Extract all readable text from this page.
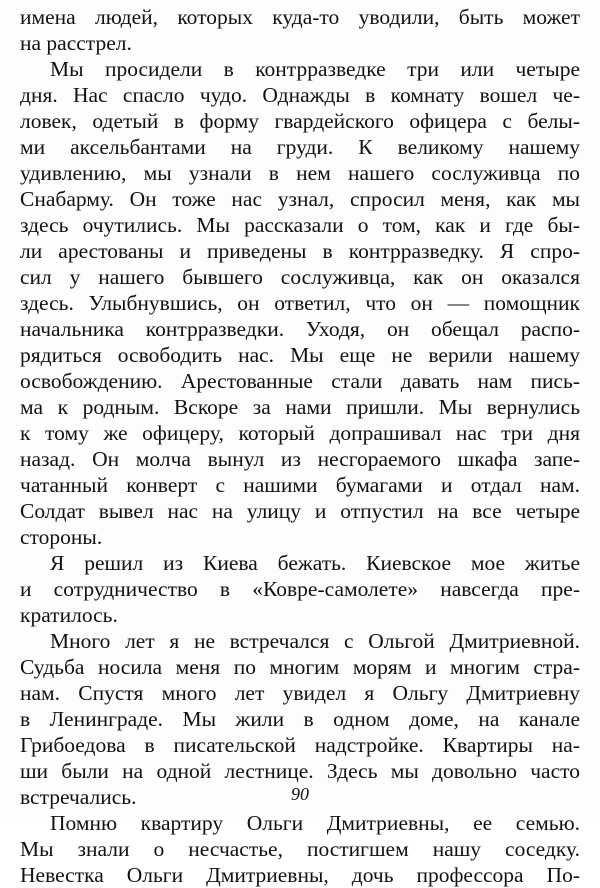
имена людей, которых куда-то уводили, быть может
на расстрел.
Мы просидели в контрразведке три или четыре
дня. Нас спасло чудо. Однажды в комнату вошел че-
ловек, одетый в форму гвардейского офицера с белы-
ми аксельбантами на груди. К великому нашему
удивлению, мы узнали в нем нашего сослуживца по
Снабарму. Он тоже нас узнал, спросил меня, как мы
здесь очутились. Мы рассказали о том, как и где бы-
ли арестованы и приведены в контрразведку. Я спро-
сил у нашего бывшего сослуживца, как он оказался
здесь. Улыбнувшись, он ответил, что он — помощник
начальника контрразведки. Уходя, он обещал распо-
рядиться освободить нас. Мы еще не верили нашему
освобождению. Арестованные стали давать нам пись-
ма к родным. Вскоре за нами пришли. Мы вернулись
к тому же офицеру, который допрашивал нас три дня
назад. Он молча вынул из несгораемого шкафа запе-
чатанный конверт с нашими бумагами и отдал нам.
Солдат вывел нас на улицу и отпустил на все четыре
стороны.
Я решил из Киева бежать. Киевское мое житье
и сотрудничество в «Ковре-самолете» навсегда пре-
кратилось.
Много лет я не встречался с Ольгой Дмитриевной.
Судьба носила меня по многим морям и многим стра-
нам. Спустя много лет увидел я Ольгу Дмитриевну
в Ленинграде. Мы жили в одном доме, на канале
Грибоедова в писательской надстройке. Квартиры на-
ши были на одной лестнице. Здесь мы довольно часто
встречались.
Помню квартиру Ольги Дмитриевны, ее семью.
Мы знали о несчастье, постигшем нашу соседку.
Невестка Ольги Дмитриевны, дочь профессора По-
90
